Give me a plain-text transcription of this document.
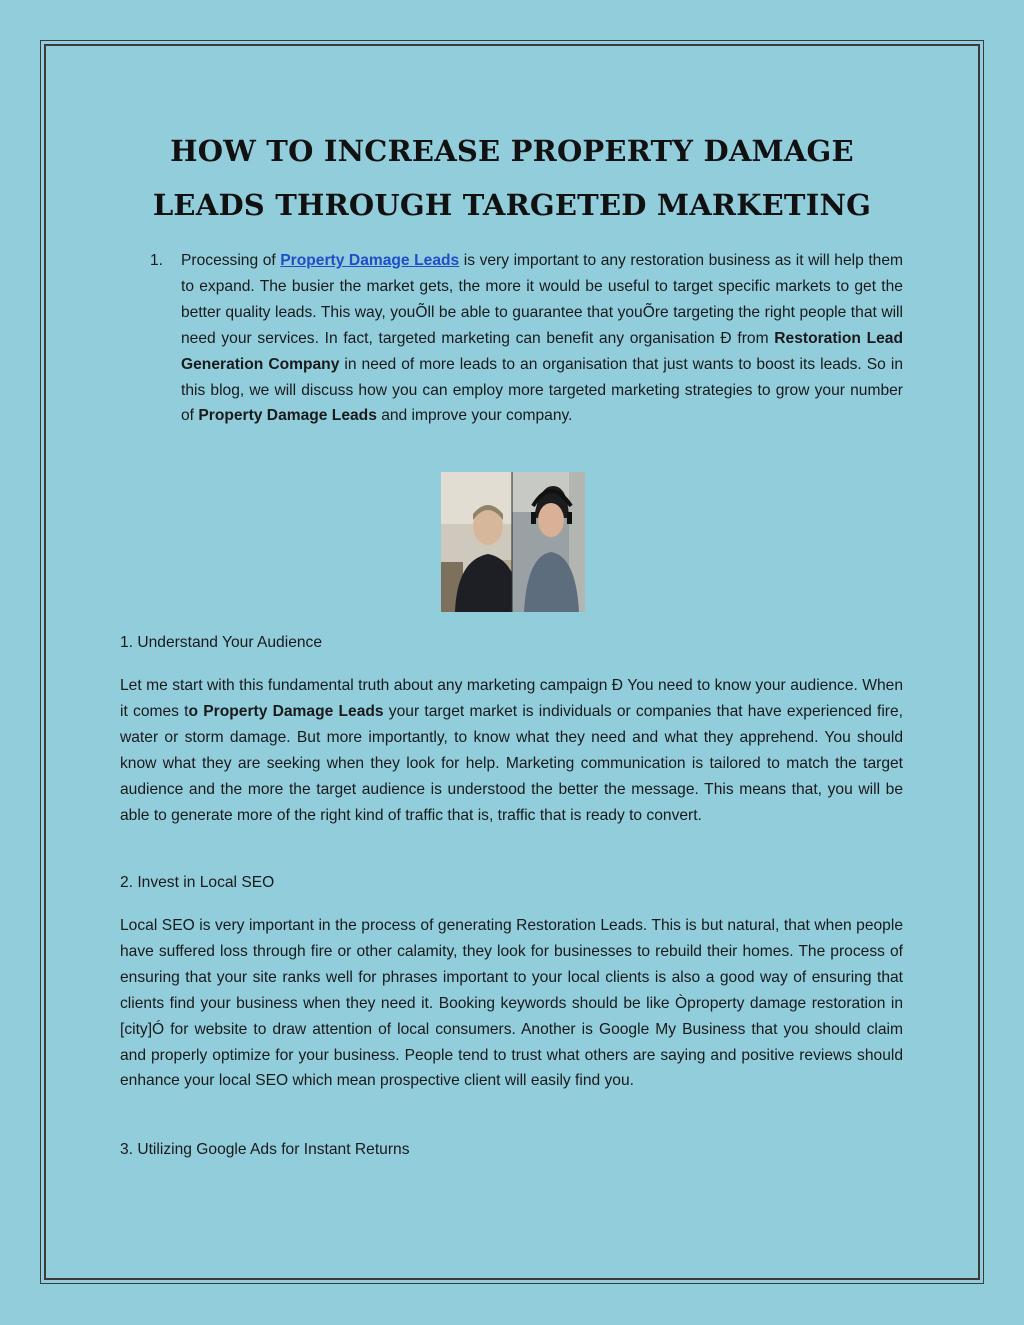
HOW TO INCREASE PROPERTY DAMAGE LEADS THROUGH TARGETED MARKETING
1. Processing of Property Damage Leads is very important to any restoration business as it will help them to expand. The busier the market gets, the more it would be useful to target specific markets to get the better quality leads. This way, youÕll be able to guarantee that youÕre targeting the right people that will need your services. In fact, targeted marketing can benefit any organisation Ð from Restoration Lead Generation Company in need of more leads to an organisation that just wants to boost its leads. So in this blog, we will discuss how you can employ more targeted marketing strategies to grow your number of Property Damage Leads and improve your company.
1. Understand Your Audience
Let me start with this fundamental truth about any marketing campaign Ð You need to know your audience. When it comes to Property Damage Leads your target market is individuals or companies that have experienced fire, water or storm damage. But more importantly, to know what they need and what they apprehend. You should know what they are seeking when they look for help. Marketing communication is tailored to match the target audience and the more the target audience is understood the better the message. This means that, you will be able to generate more of the right kind of traffic that is, traffic that is ready to convert.
2. Invest in Local SEO
Local SEO is very important in the process of generating Restoration Leads. This is but natural, that when people have suffered loss through fire or other calamity, they look for businesses to rebuild their homes. The process of ensuring that your site ranks well for phrases important to your local clients is also a good way of ensuring that clients find your business when they need it. Booking keywords should be like Òproperty damage restoration in [city]Ó for website to draw attention of local consumers. Another is Google My Business that you should claim and properly optimize for your business. People tend to trust what others are saying and positive reviews should enhance your local SEO which mean prospective client will easily find you.
3. Utilizing Google Ads for Instant Returns
